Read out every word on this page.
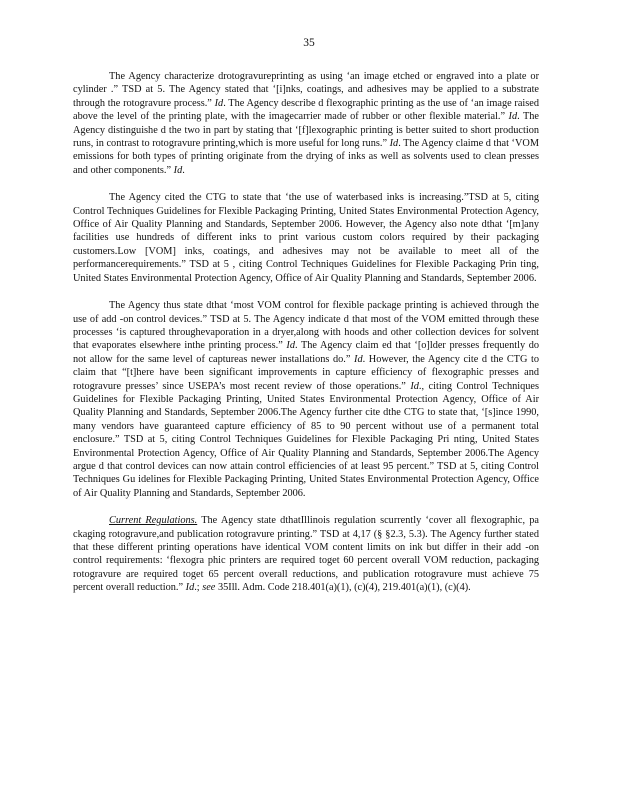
35

The Agency characterize drotogravureprinting as using ‘an image etched or engraved into a plate or cylinder .” TSD at 5. The Agency stated that ‘[i]nks, coatings, and adhesives may be applied to a substrate through the rotogravure process.” Id. The Agency describe d flexographic printing as the use of ‘an image raised above the level of the printing plate, with the imagecarrier made of rubber or other flexible material.” Id. The Agency distinguishe d the two in part by stating that ‘[f]lexographic printing is better suited to short production runs, in contrast to rotogravure printing,which is more useful for long runs.” Id. The Agency claime d that ‘VOM emissions for both types of printing originate from the drying of inks as well as solvents used to clean presses and other components.” Id.

The Agency cited the CTG to state that ‘the use of waterbased inks is increasing.”TSD at 5, citing Control Techniques Guidelines for Flexible Packaging Printing, United States Environmental Protection Agency, Office of Air Quality Planning and Standards, September 2006. However, the Agency also note dthat ‘[m]any facilities use hundreds of different inks to print various custom colors required by their packaging customers.Low [VOM] inks, coatings, and adhesives may not be available to meet all of the performancerequirements.” TSD at 5 , citing Control Techniques Guidelines for Flexible Packaging Prin ting, United States Environmental Protection Agency, Office of Air Quality Planning and Standards, September 2006.

The Agency thus state dthat ‘most VOM control for flexible package printing is achieved through the use of add -on control devices.” TSD at 5. The Agency indicate d that most of the VOM emitted through these processes ‘is captured throughevaporation in a dryer,along with hoods and other collection devices for solvent that evaporates elsewhere inthe printing process.” Id. The Agency claim ed that ‘[o]lder presses frequently do not allow for the same level of captureas newer installations do.” Id. However, the Agency cite d the CTG to claim that “[t]here have been significant improvements in capture efficiency of flexographic presses and rotogravure presses’ since USEPA’s most recent review of those operations.” Id., citing Control Techniques Guidelines for Flexible Packaging Printing, United States Environmental Protection Agency, Office of Air Quality Planning and Standards, September 2006.The Agency further cite dthe CTG to state that, ‘[s]ince 1990, many vendors have guaranteed capture efficiency of 85 to 90 percent without use of a permanent total enclosure.” TSD at 5, citing Control Techniques Guidelines for Flexible Packaging Pri nting, United States Environmental Protection Agency, Office of Air Quality Planning and Standards, September 2006.The Agency argue d that control devices can now attain control efficiencies of at least 95 percent.” TSD at 5, citing Control Techniques Gu idelines for Flexible Packaging Printing, United States Environmental Protection Agency, Office of Air Quality Planning and Standards, September 2006.

Current Regulations. The Agency state dthatIllinois regulation scurrently ‘cover all flexographic, pa ckaging rotogravure,and publication rotogravure printing.” TSD at 4,17 (§ §2.3, 5.3). The Agency further stated that these different printing operations have identical VOM content limits on ink but differ in their add -on control requirements: ‘flexogra phic printers are required toget 60 percent overall VOM reduction, packaging rotogravure are required toget 65 percent overall reductions, and publication rotogravure must achieve 75 percent overall reduction.” Id.; see 35Ill. Adm. Code 218.401(a)(1), (c)(4), 219.401(a)(1), (c)(4).
